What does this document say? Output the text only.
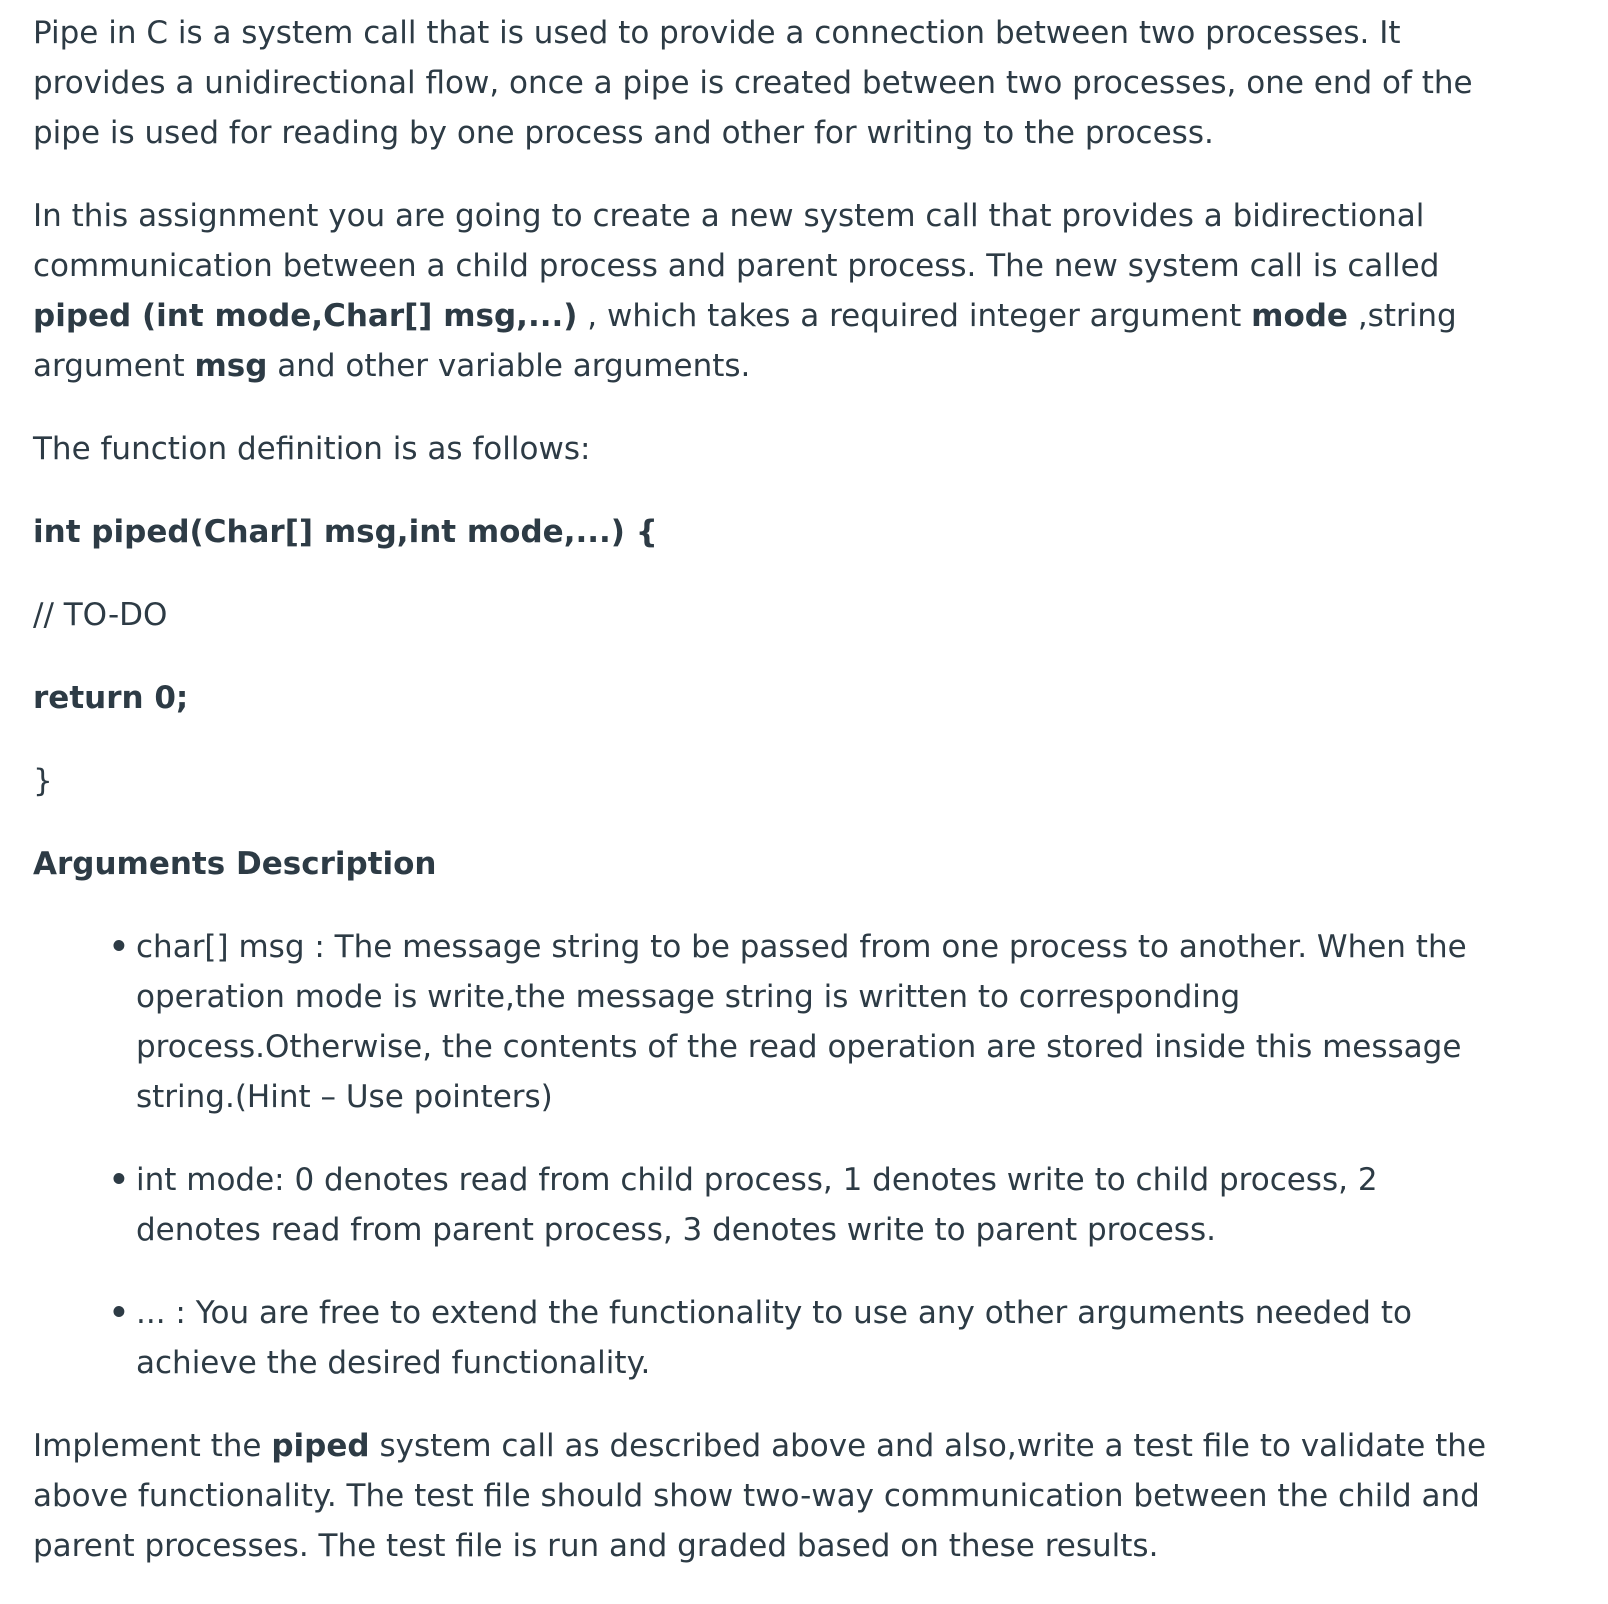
Pipe in C is a system call that is used to provide a connection between two processes. It provides a unidirectional flow, once a pipe is created between two processes, one end of the pipe is used for reading by one process and other for writing to the process.

In this assignment you are going to create a new system call that provides a bidirectional communication between a child process and parent process. The new system call is called piped (int mode,Char[] msg,...) , which takes a required integer argument mode ,string argument msg and other variable arguments.

The function definition is as follows:

int piped(Char[] msg,int mode,...) {

// TO-DO

return 0;

}

Arguments Description

• char[] msg : The message string to be passed from one process to another. When the operation mode is write,the message string is written to corresponding process.Otherwise, the contents of the read operation are stored inside this message string.(Hint – Use pointers)
• int mode: 0 denotes read from child process, 1 denotes write to child process, 2 denotes read from parent process, 3 denotes write to parent process.
• ... : You are free to extend the functionality to use any other arguments needed to achieve the desired functionality.

Implement the piped system call as described above and also,write a test file to validate the above functionality. The test file should show two-way communication between the child and parent processes. The test file is run and graded based on these results.
